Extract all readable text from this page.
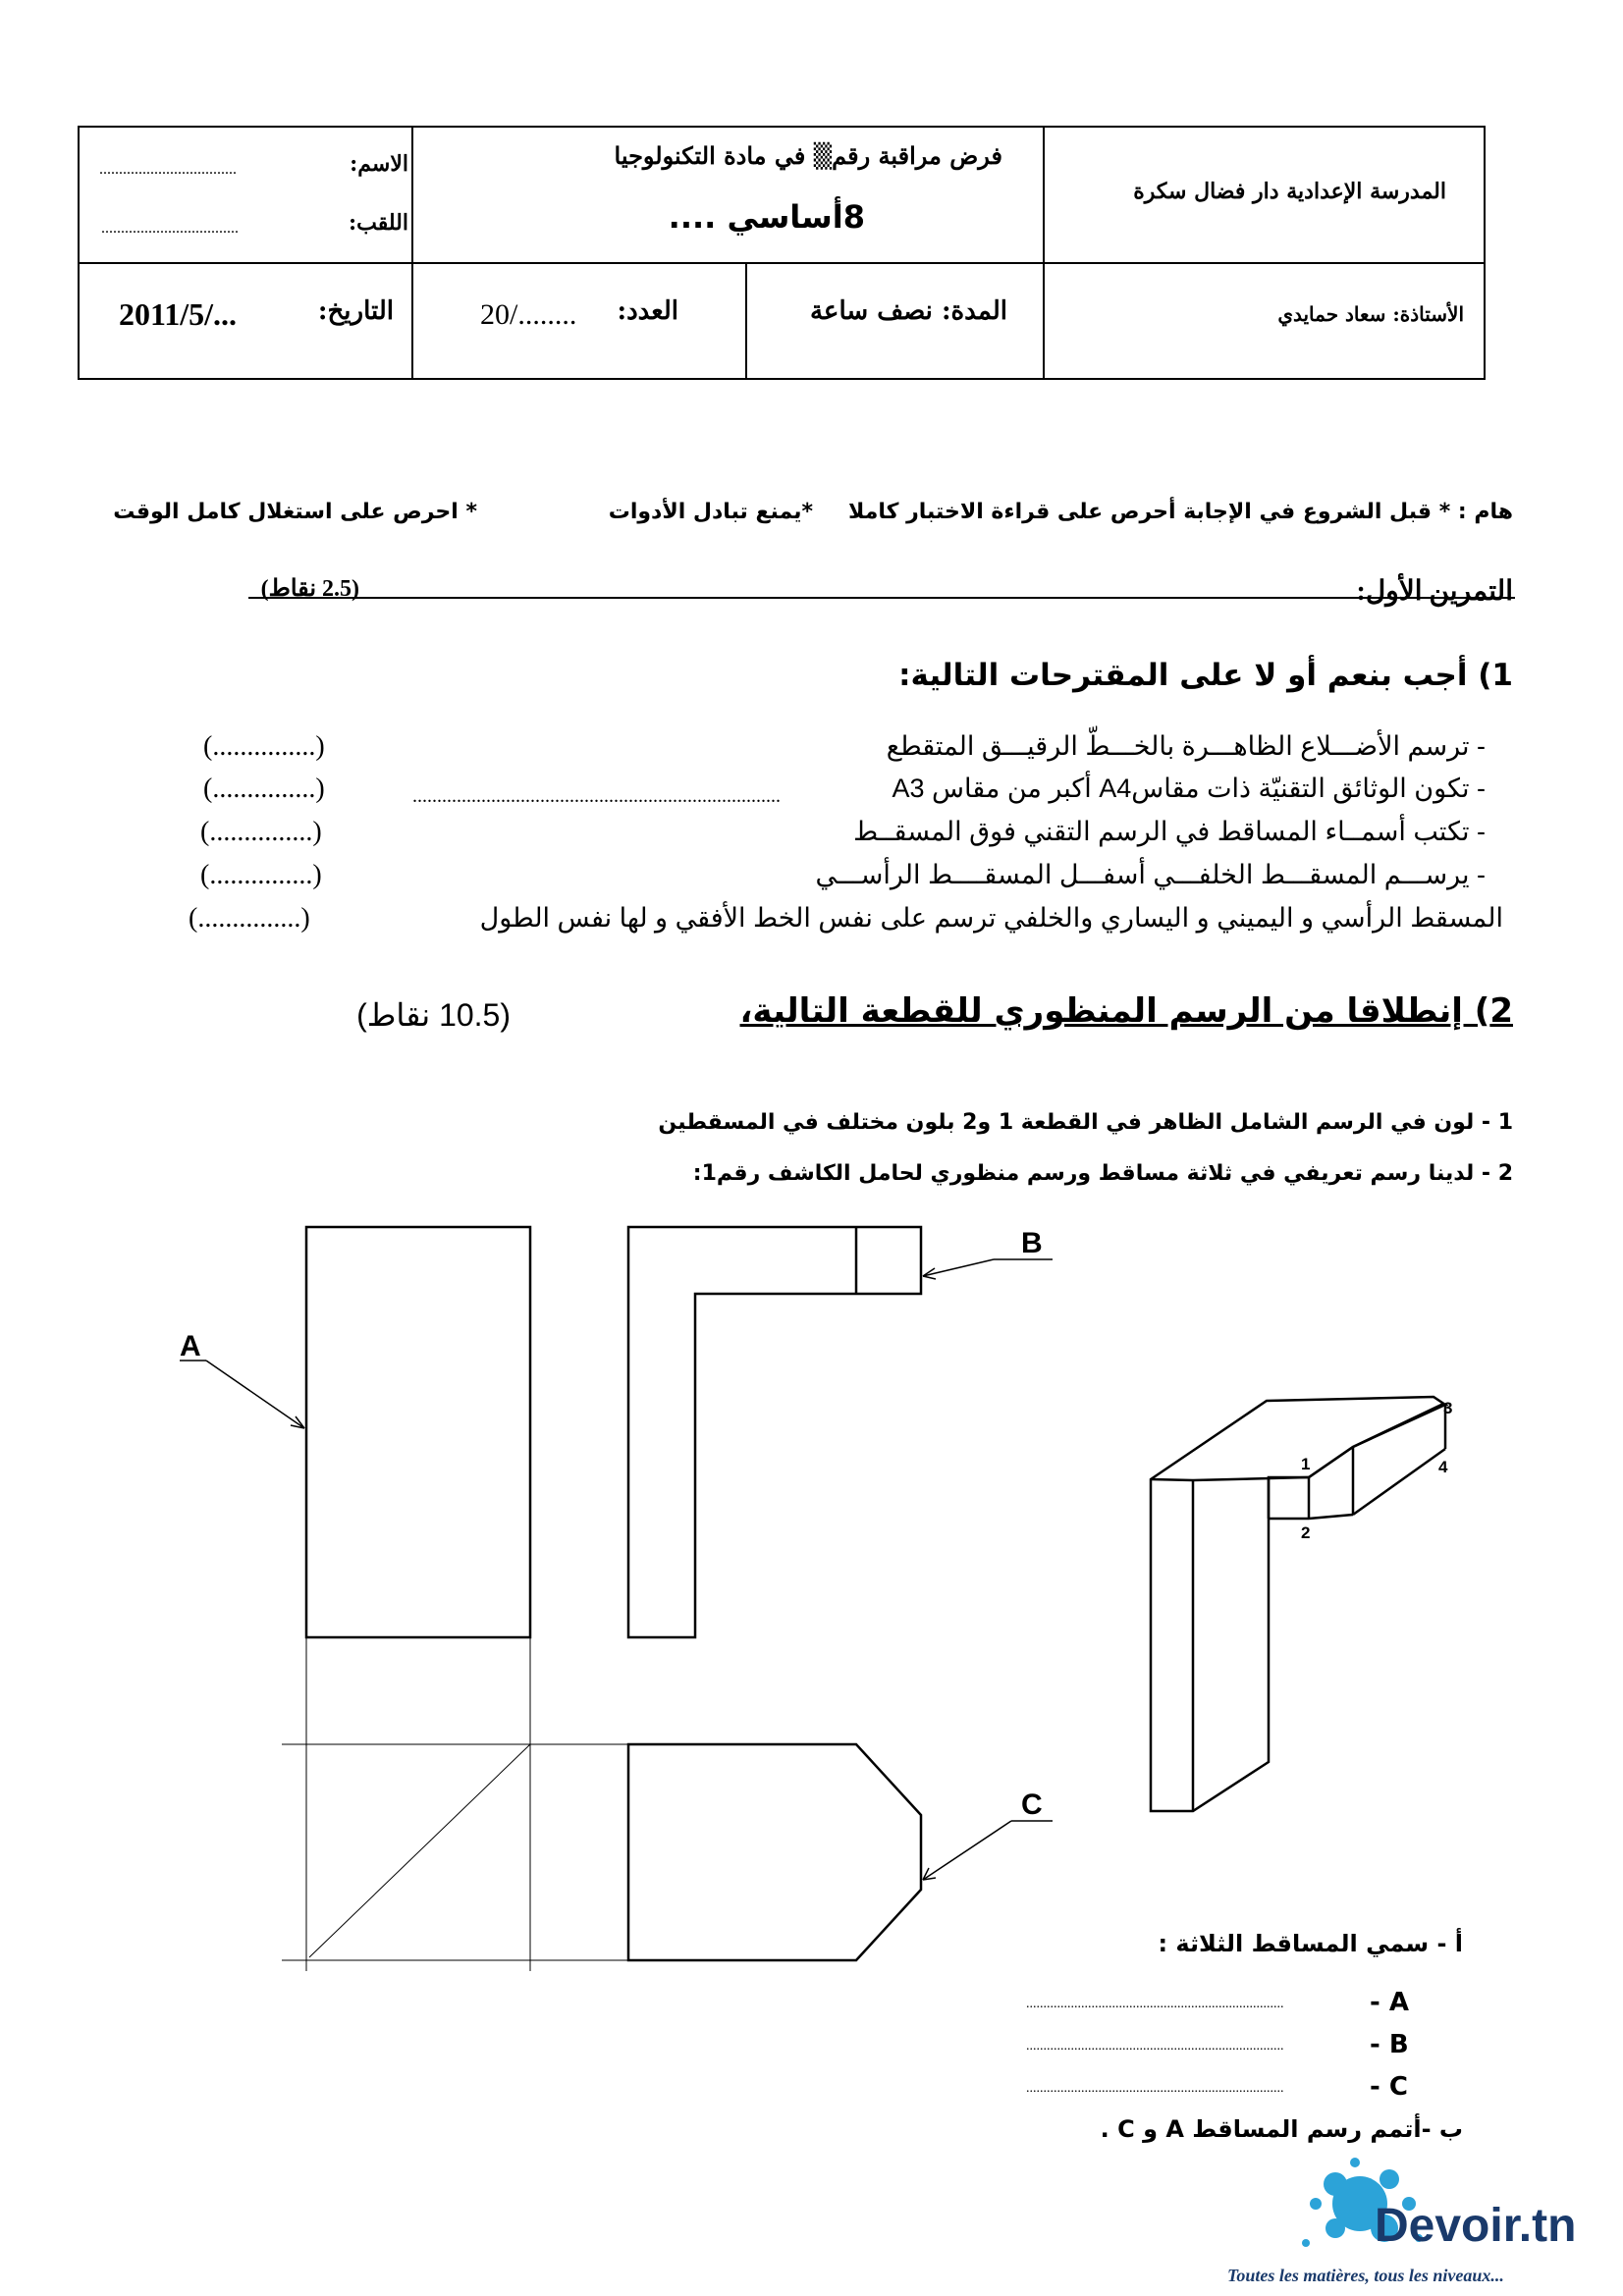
المدرسة الإعدادية دار فضال سكرة
فرض مراقبة رقم▒ في مادة التكنولوجيا
8أساسي ....
الاسم:
...................................
اللقب:
...................................
الأستاذة: سعاد حمايدي
المدة: نصف ساعة
العدد:
20/........
التاريخ:
2011/5/...
هام : * قبل الشروع في الإجابة أحرص على قراءة الاختبار كاملا
*يمنع تبادل الأدوات
* احرص على استغلال كامل الوقت
التمرين الأول:
(2.5 نقاط)
1) أجب بنعم أو لا على المقترحات التالية:
- ترسم الأضـــلاع الظاهـــرة بالخـــطّ الرقيـــق المتقطع
(...............)
- تكون الوثائق التقنيّة ذات مقاسA4 أكبر من مقاس A3
...........................................................................
(...............)
- تكتب أسمــاء المساقط في الرسم التقني فوق المسقــط
(...............)
- يرســـم المسقـــط الخلفـــي أسفـــل المسقــــط الرأســـي
(...............)
المسقط الرأسي و اليميني و اليساري والخلفي ترسم على نفس الخط الأفقي و لها نفس الطول
(...............)
2) إنطلاقا من الرسم المنظوري للقطعة التالية،
(10.5 نقاط)
1 - لون في الرسم الشامل الظاهر في القطعة 1 و2 بلون مختلف في المسقطين
2 - لدينا رسم تعريفي في ثلاثة مساقط ورسم منظوري لحامل الكاشف رقم1:
A
B
C
1
2
3
4
أ - سمي المساقط الثلاثة :
- A
...........................................................................
- B
...........................................................................
- C
...........................................................................
ب -أتمم رسم المساقط A و C .
Devoir.tn
Toutes les matières, tous les niveaux...
